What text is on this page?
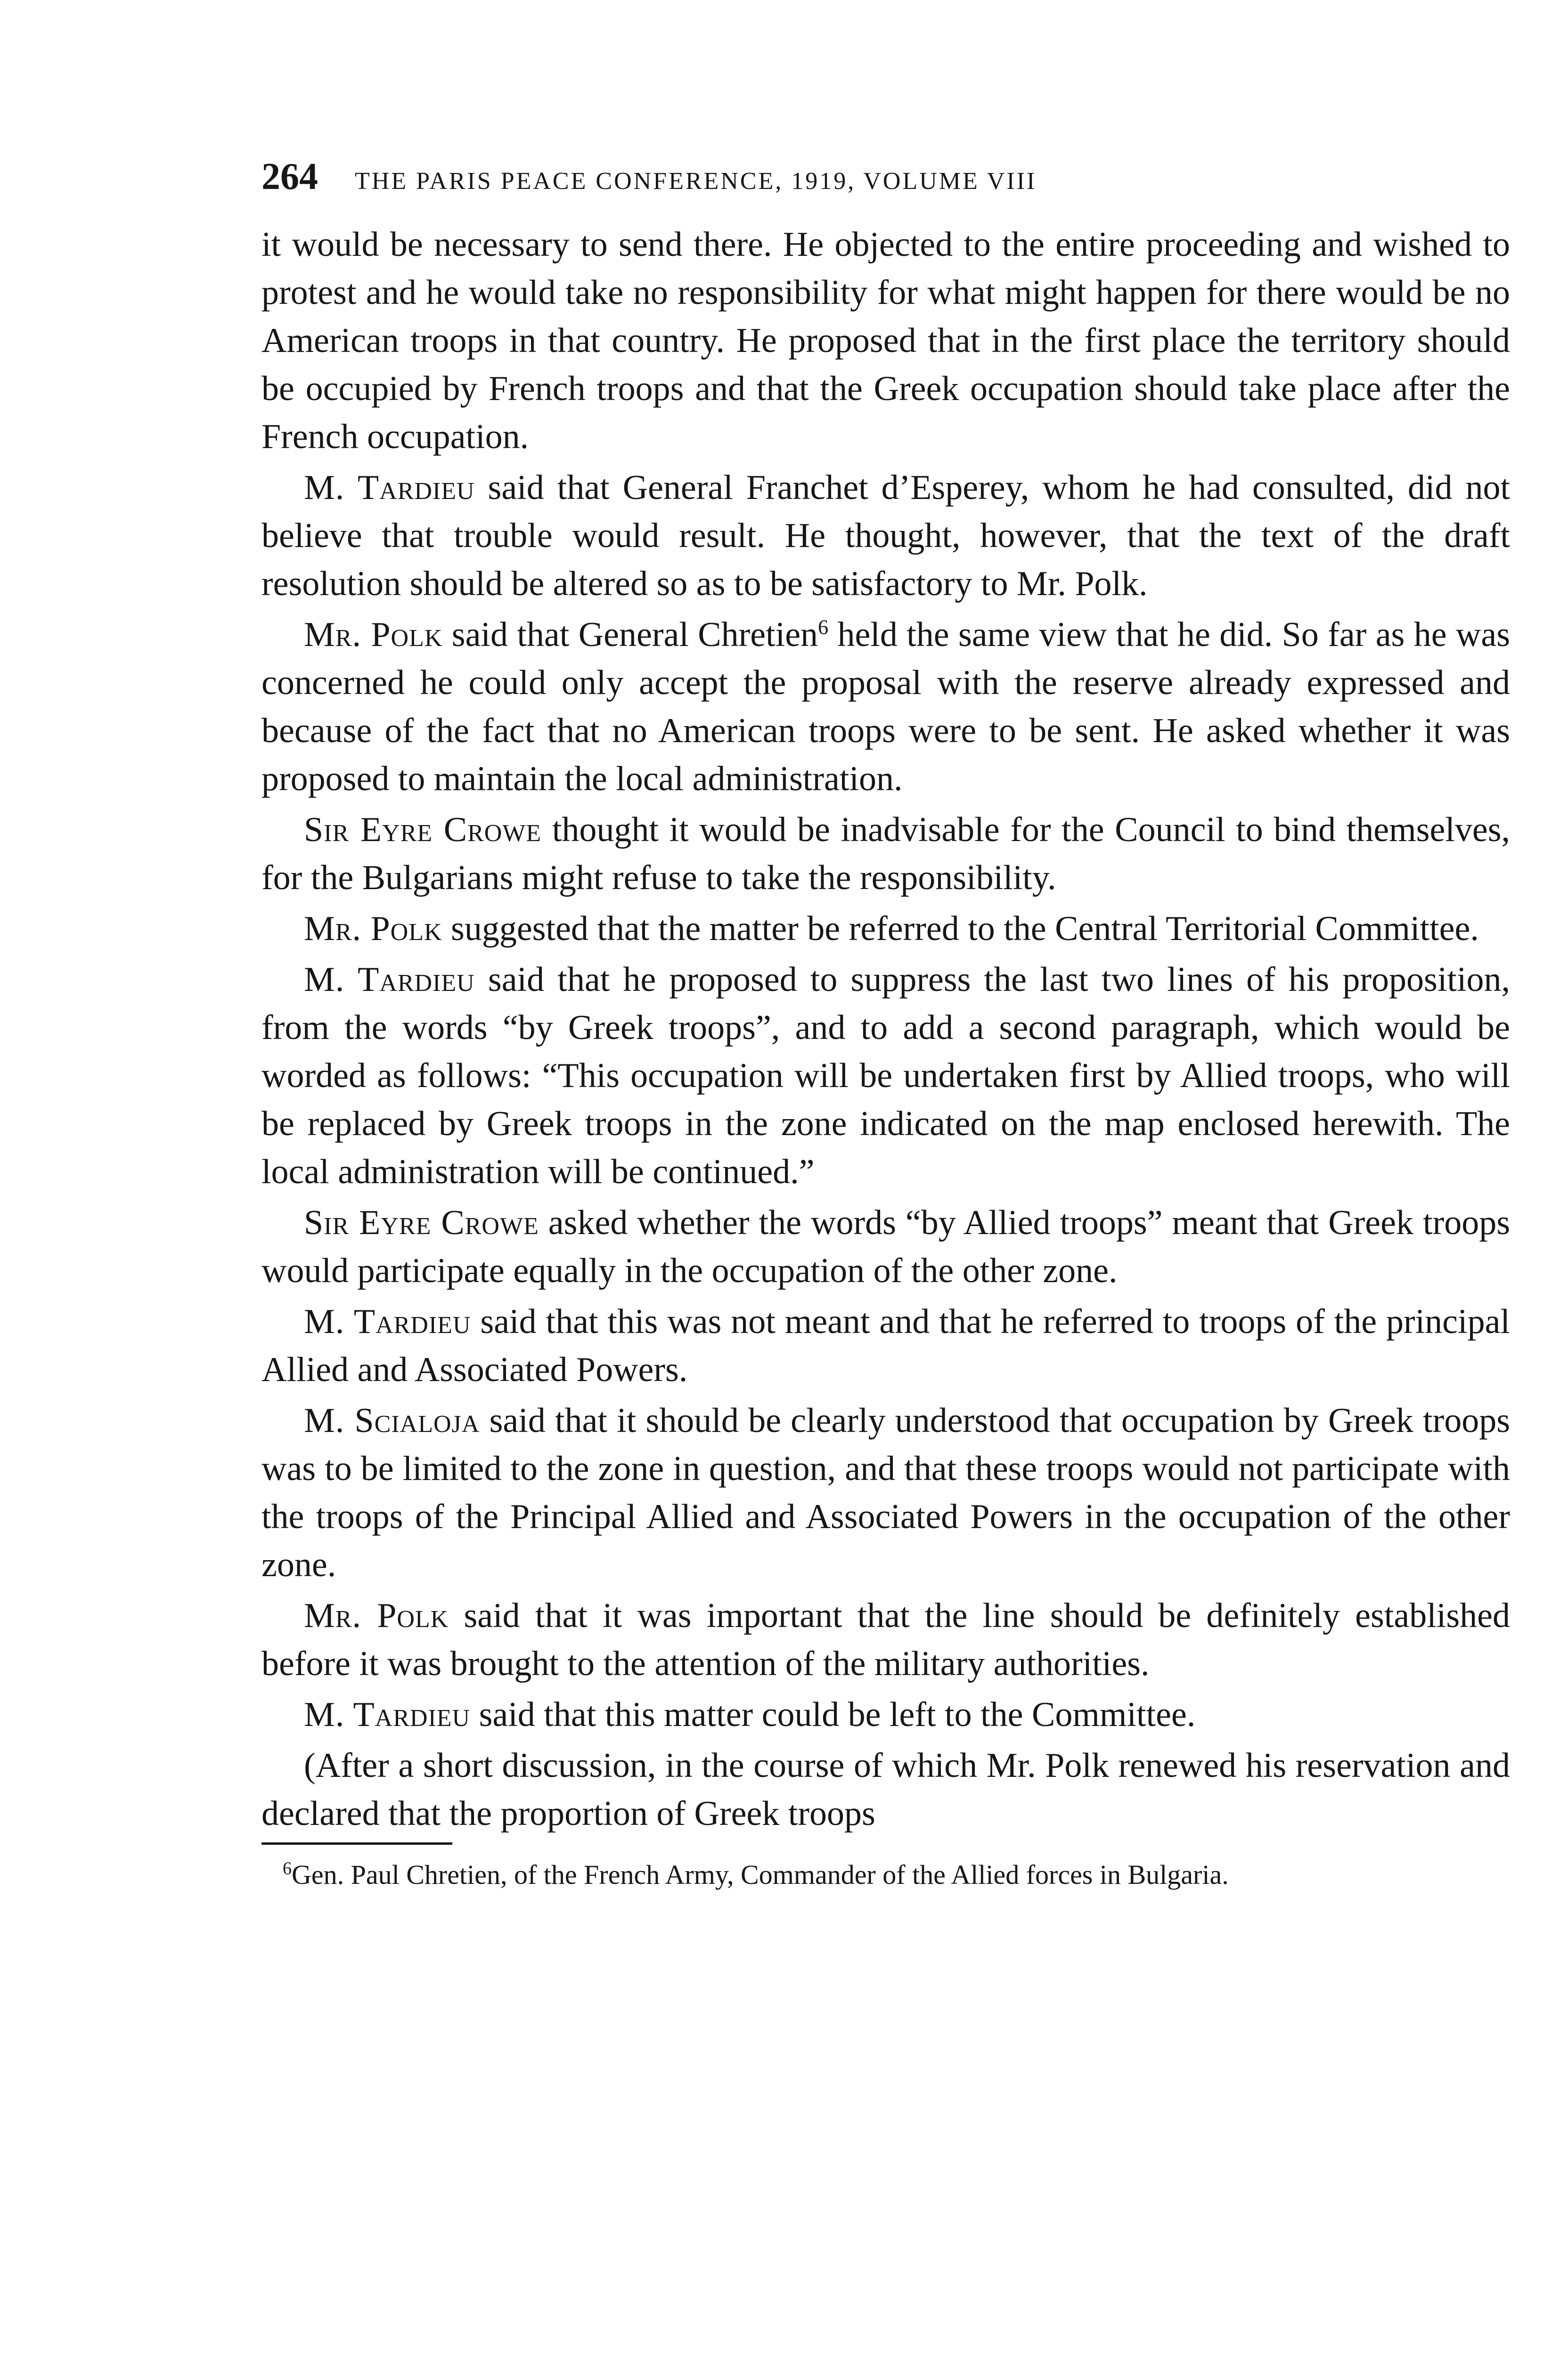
264 THE PARIS PEACE CONFERENCE, 1919, VOLUME VIII

it would be necessary to send there. He objected to the entire proceeding and wished to protest and he would take no responsibility for what might happen for there would be no American troops in that country. He proposed that in the first place the territory should be occupied by French troops and that the Greek occupation should take place after the French occupation.

M. Tardieu said that General Franchet d’Esperey, whom he had consulted, did not believe that trouble would result. He thought, however, that the text of the draft resolution should be altered so as to be satisfactory to Mr. Polk.

Mr. Polk said that General Chretien$^6$ held the same view that he did. So far as he was concerned he could only accept the proposal with the reserve already expressed and because of the fact that no American troops were to be sent. He asked whether it was proposed to maintain the local administration.

Sir Eyre Crowe thought it would be inadvisable for the Council to bind themselves, for the Bulgarians might refuse to take the responsibility.

Mr. Polk suggested that the matter be referred to the Central Territorial Committee.

M. Tardieu said that he proposed to suppress the last two lines of his proposition, from the words “by Greek troops”, and to add a second paragraph, which would be worded as follows: “This occupation will be undertaken first by Allied troops, who will be replaced by Greek troops in the zone indicated on the map enclosed herewith. The local administration will be continued.”

Sir Eyre Crowe asked whether the words “by Allied troops” meant that Greek troops would participate equally in the occupation of the other zone.

M. Tardieu said that this was not meant and that he referred to troops of the principal Allied and Associated Powers.

M. Scialoja said that it should be clearly understood that occupation by Greek troops was to be limited to the zone in question, and that these troops would not participate with the troops of the Principal Allied and Associated Powers in the occupation of the other zone.

Mr. Polk said that it was important that the line should be definitely established before it was brought to the attention of the military authorities.

M. Tardieu said that this matter could be left to the Committee.

(After a short discussion, in the course of which Mr. Polk renewed his reservation and declared that the proportion of Greek troops

$^6$Gen. Paul Chretien, of the French Army, Commander of the Allied forces in Bulgaria.
